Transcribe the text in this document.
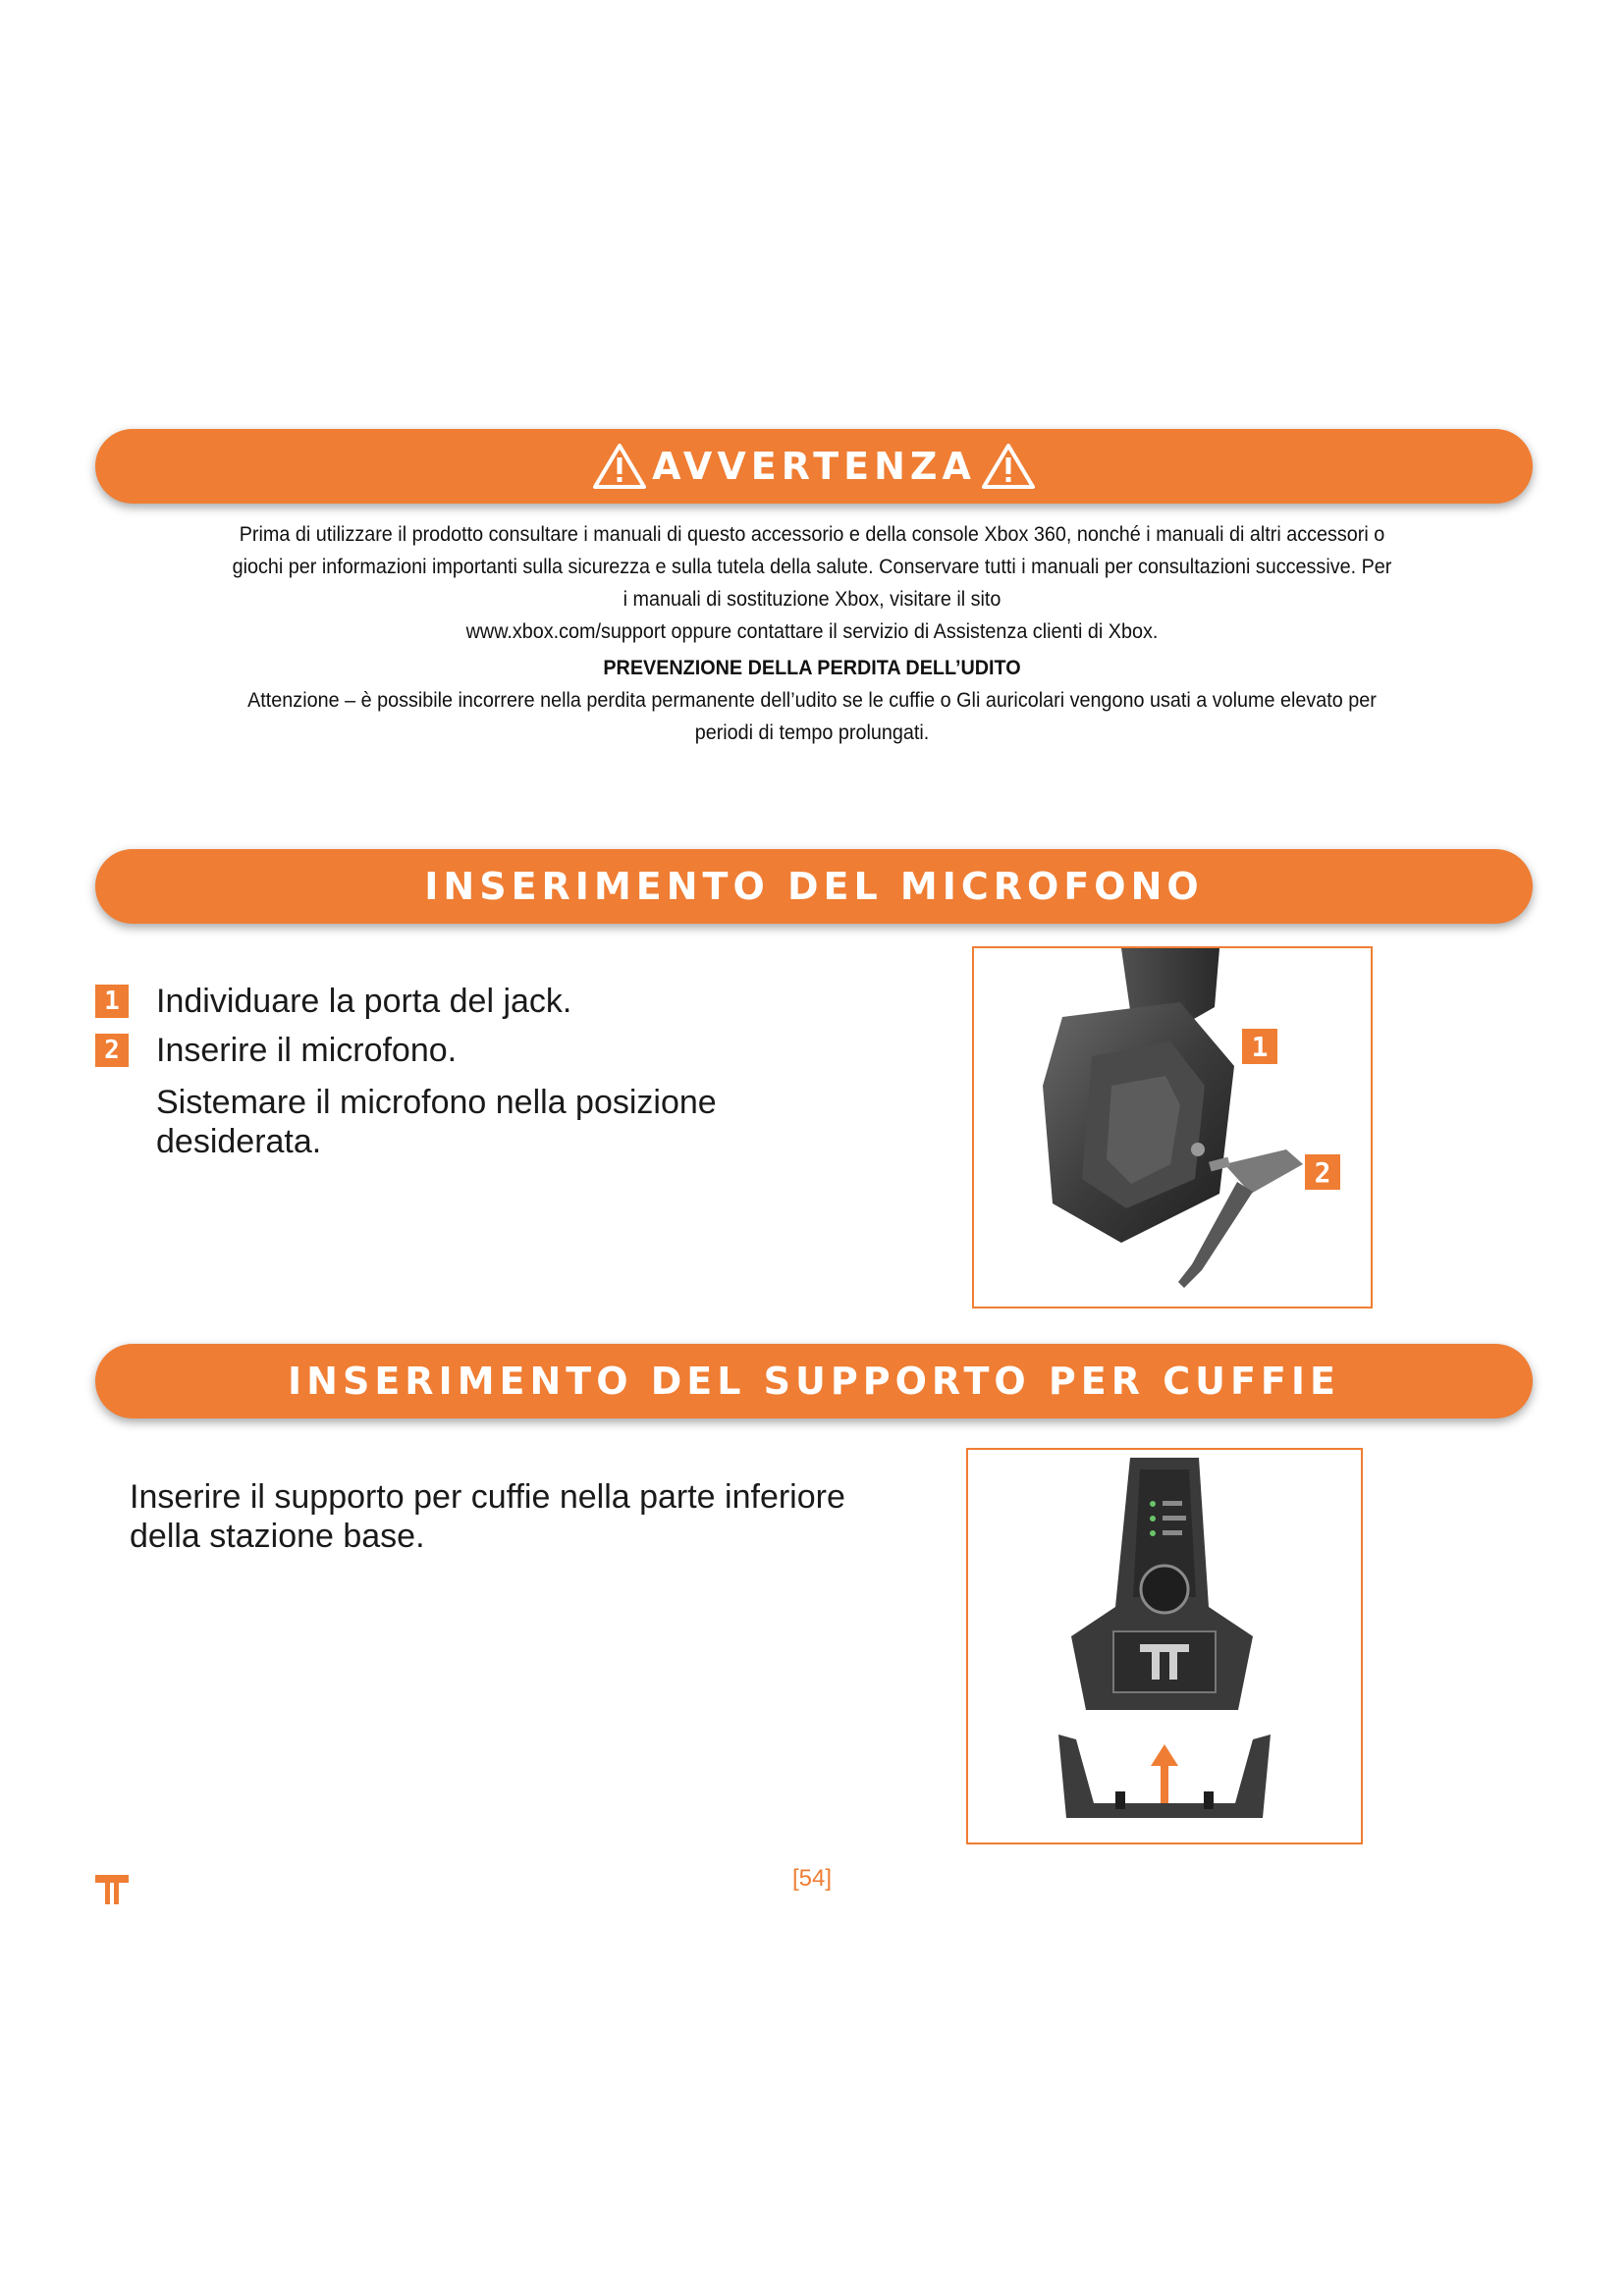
AVVERTENZA

Prima di utilizzare il prodotto consultare i manuali di questo accessorio e della console Xbox 360, nonché i manuali di altri accessori o

giochi per informazioni importanti sulla sicurezza e sulla tutela della salute. Conservare tutti i manuali per consultazioni successive. Per

i manuali di sostituzione Xbox, visitare il sito

www.xbox.com/support oppure contattare il servizio di Assistenza clienti di Xbox.

PREVENZIONE DELLA PERDITA DELL’UDITO

Attenzione – è possibile incorrere nella perdita permanente dell’udito se le cuffie o Gli auricolari vengono usati a volume elevato per

periodi di tempo prolungati.

INSERIMENTO DEL MICROFONO
1 Individuare la porta del jack.
2 Inserire il microfono.
Sistemare il microfono nella posizione
desiderata.
1
2
INSERIMENTO DEL SUPPORTO PER CUFFIE
Inserire il supporto per cuffie nella parte inferiore
della stazione base.
[54]
